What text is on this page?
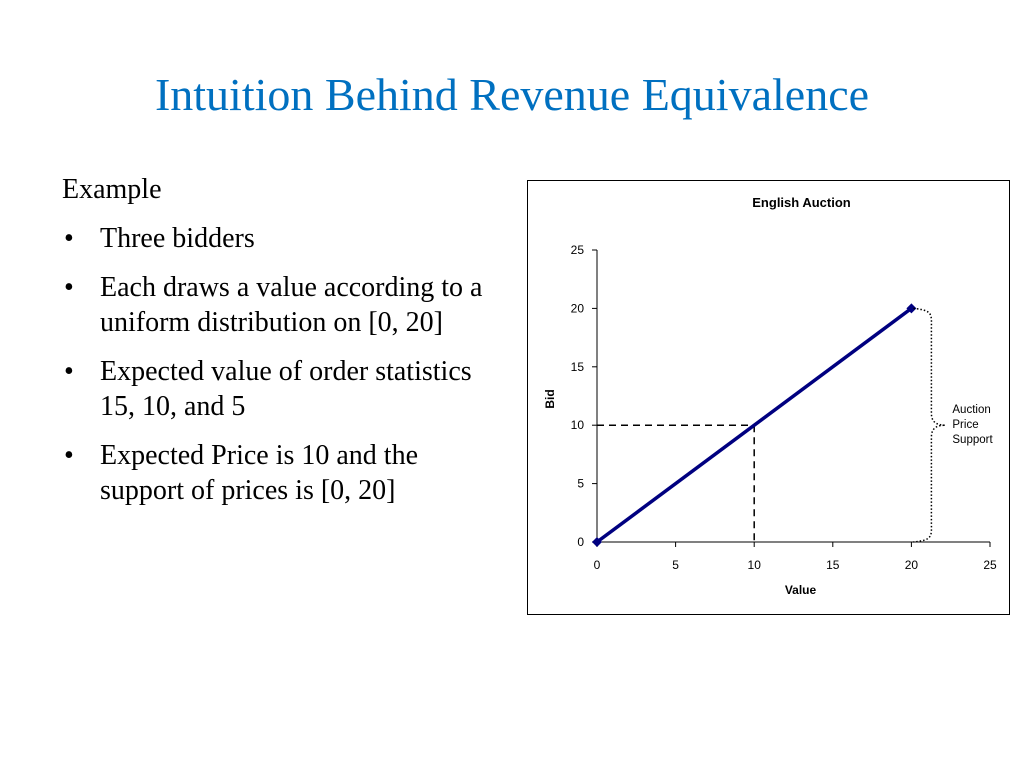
Intuition Behind Revenue Equivalence
Example
• Three bidders
• Each draws a value according to a uniform distribution on [0, 20]
• Expected value of order statistics 15, 10, and 5
• Expected Price is 10 and the support of prices is [0, 20]
English Auction
0
5
10
15
20
25
0	5	10	15	20	25
Value
Bid
Auction
Price
Support
